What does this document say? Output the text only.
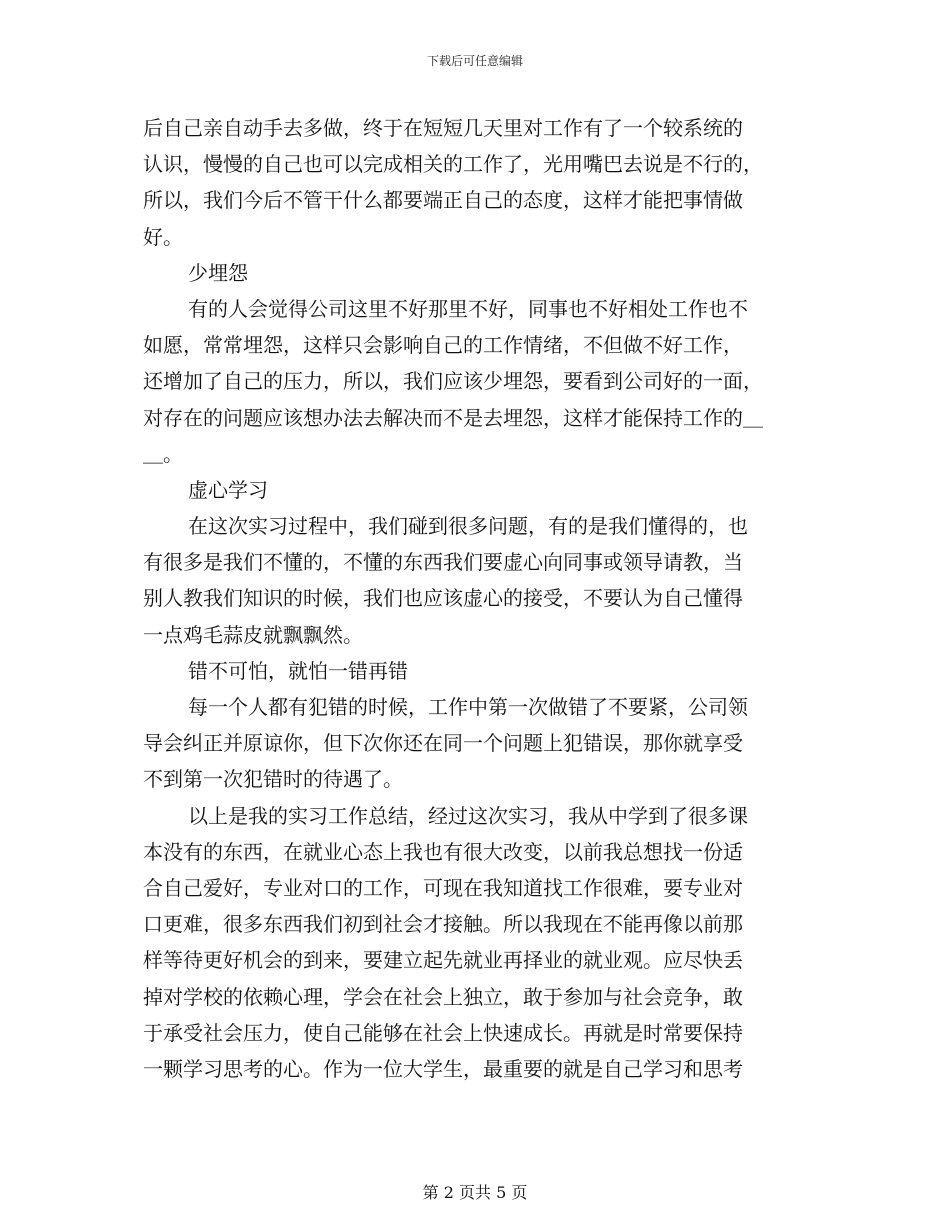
下载后可任意编辑
后自己亲自动手去多做，终于在短短几天里对工作有了一个较系统的
认识，慢慢的自己也可以完成相关的工作了，光用嘴巴去说是不行的，
所以，我们今后不管干什么都要端正自己的态度，这样才能把事情做
好。
少埋怨
有的人会觉得公司这里不好那里不好，同事也不好相处工作也不
如愿，常常埋怨，这样只会影响自己的工作情绪，不但做不好工作，
还增加了自己的压力，所以，我们应该少埋怨，要看到公司好的一面，
对存在的问题应该想办法去解决而不是去埋怨，这样才能保持工作的＿
＿。
虚心学习
在这次实习过程中，我们碰到很多问题，有的是我们懂得的，也
有很多是我们不懂的，不懂的东西我们要虚心向同事或领导请教，当
别人教我们知识的时候，我们也应该虚心的接受，不要认为自己懂得
一点鸡毛蒜皮就飘飘然。
错不可怕，就怕一错再错
每一个人都有犯错的时候，工作中第一次做错了不要紧，公司领
导会纠正并原谅你，但下次你还在同一个问题上犯错误，那你就享受
不到第一次犯错时的待遇了。
以上是我的实习工作总结，经过这次实习，我从中学到了很多课
本没有的东西，在就业心态上我也有很大改变，以前我总想找一份适
合自己爱好，专业对口的工作，可现在我知道找工作很难，要专业对
口更难，很多东西我们初到社会才接触。所以我现在不能再像以前那
样等待更好机会的到来，要建立起先就业再择业的就业观。应尽快丢
掉对学校的依赖心理，学会在社会上独立，敢于参加与社会竞争，敢
于承受社会压力，使自己能够在社会上快速成长。再就是时常要保持
一颗学习思考的心。作为一位大学生，最重要的就是自己学习和思考
第 2 页共 5 页
